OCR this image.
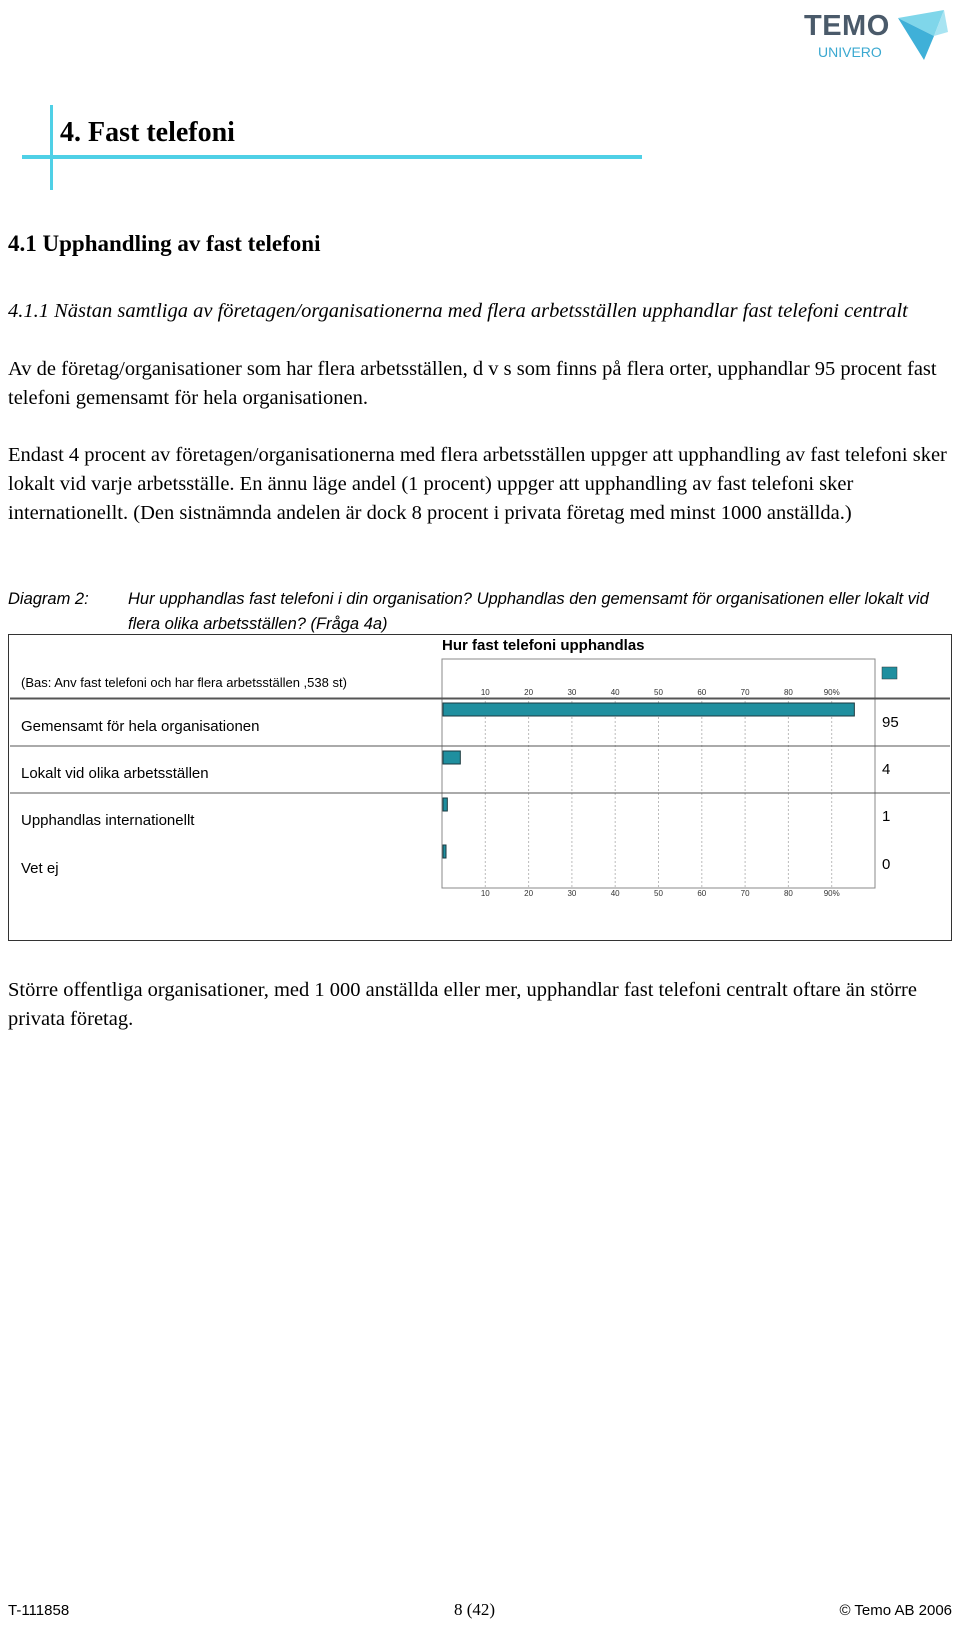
TEMO
UNIVERO
4. Fast telefoni
4.1 Upphandling av fast telefoni
4.1.1 Nästan samtliga av företagen/organisationerna med flera arbetsställen upphandlar fast telefoni centralt
Av de företag/organisationer som har flera arbetsställen, d v s som finns på flera orter, upphandlar 95 procent fast telefoni gemensamt för hela organisationen.
Endast 4 procent av företagen/organisationerna med flera arbetsställen uppger att upphandling av fast telefoni sker lokalt vid varje arbetsställe. En ännu läge andel (1 procent) uppger att upphandling av fast telefoni sker internationellt. (Den sistnämnda andelen är dock 8 procent i privata företag med minst 1000 anställda.)
Diagram 2: Hur upphandlas fast telefoni i din organisation? Upphandlas den gemensamt för organisationen eller lokalt vid flera olika arbetsställen? (Fråga 4a)
Hur fast telefoni upphandlas
10
10
20
20
30
30
40
40
50
50
60
60
70
70
80
80
90%
90%
(Bas: Anv fast telefoni och har flera arbetsställen ,538 st)
Gemensamt för hela organisationen	95
Lokalt vid olika arbetsställen	4
Upphandlas internationellt	1
Vet ej	0
Större offentliga organisationer, med 1 000 anställda eller mer, upphandlar fast telefoni centralt oftare än större privata företag.
T-111858	8 (42)	© Temo AB 2006
